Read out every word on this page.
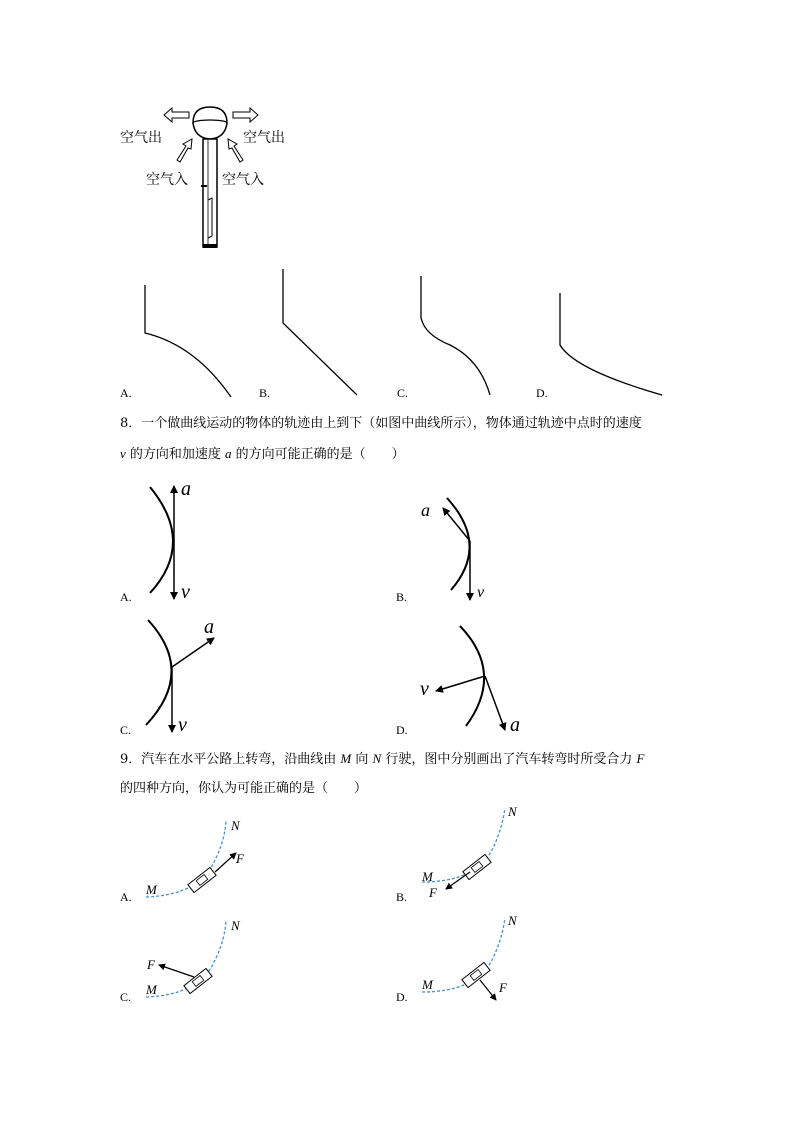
空气出	空气出
空气入 空气入
A.	B.	C.	D.
8．一个做曲线运动的物体的轨迹由上到下（如图中曲线所示），物体通过轨迹中点时的速度
v 的方向和加速度 a 的方向可能正确的是（　　）
a
v
A.
a
v
B.
a
v
C.
v
a
D.
9．汽车在水平公路上转弯，沿曲线由 M 向 N 行驶，图中分别画出了汽车转弯时所受合力 F
的四种方向，你认为可能正确的是（　　）
N
F
M
A.
N
M
F
B.
N
F
M
C.
N
M	F
D.
